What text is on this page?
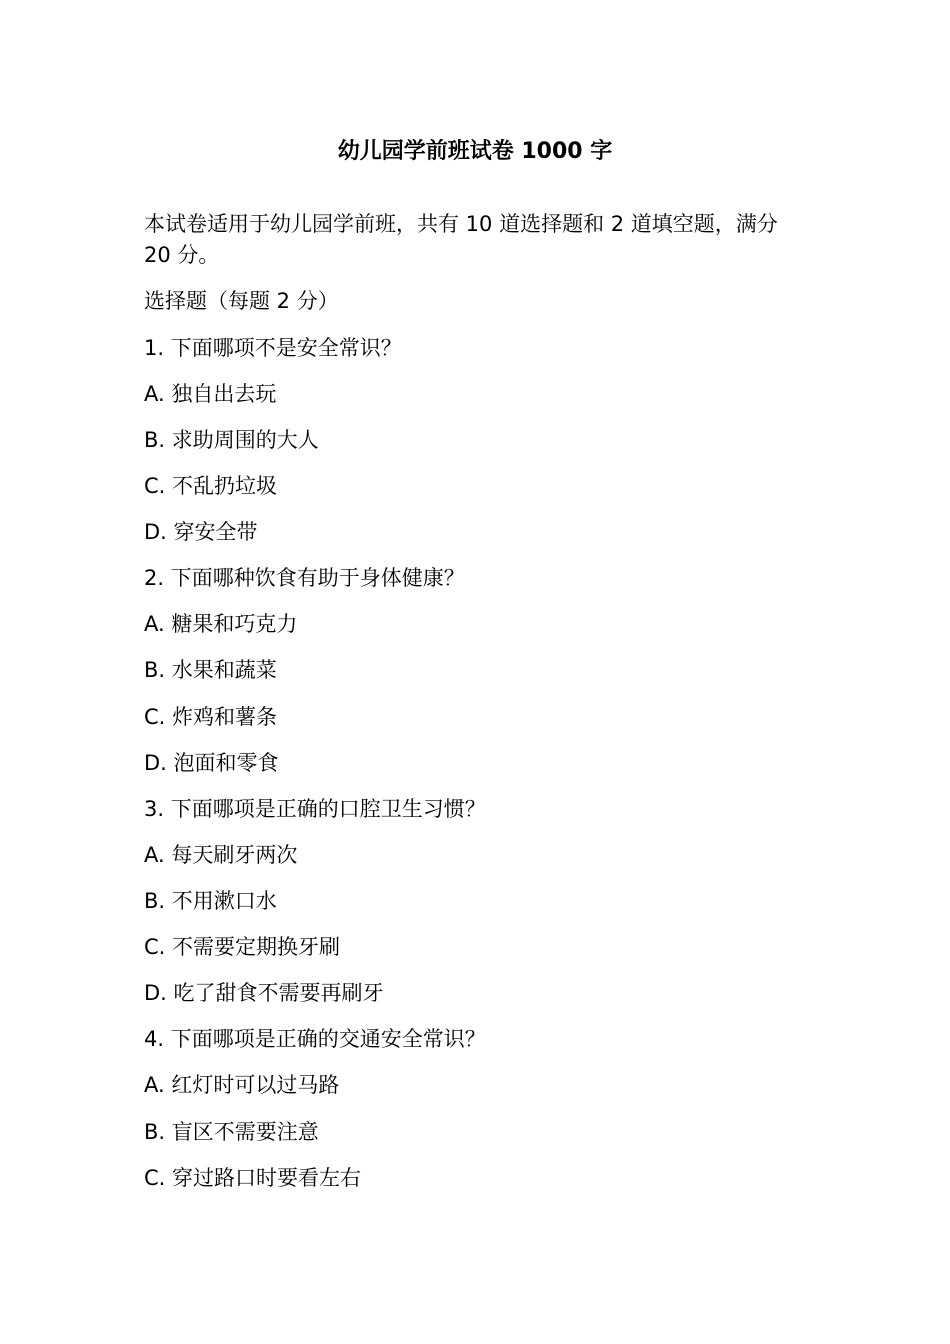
幼儿园学前班试卷 1000 字

本试卷适用于幼儿园学前班，共有 10 道选择题和 2 道填空题，满分 20 分。

选择题（每题 2 分）

1. 下面哪项不是安全常识？

A. 独自出去玩

B. 求助周围的大人

C. 不乱扔垃圾

D. 穿安全带

2. 下面哪种饮食有助于身体健康？

A. 糖果和巧克力

B. 水果和蔬菜

C. 炸鸡和薯条

D. 泡面和零食

3. 下面哪项是正确的口腔卫生习惯？

A. 每天刷牙两次

B. 不用漱口水

C. 不需要定期换牙刷

D. 吃了甜食不需要再刷牙

4. 下面哪项是正确的交通安全常识？

A. 红灯时可以过马路

B. 盲区不需要注意

C. 穿过路口时要看左右
